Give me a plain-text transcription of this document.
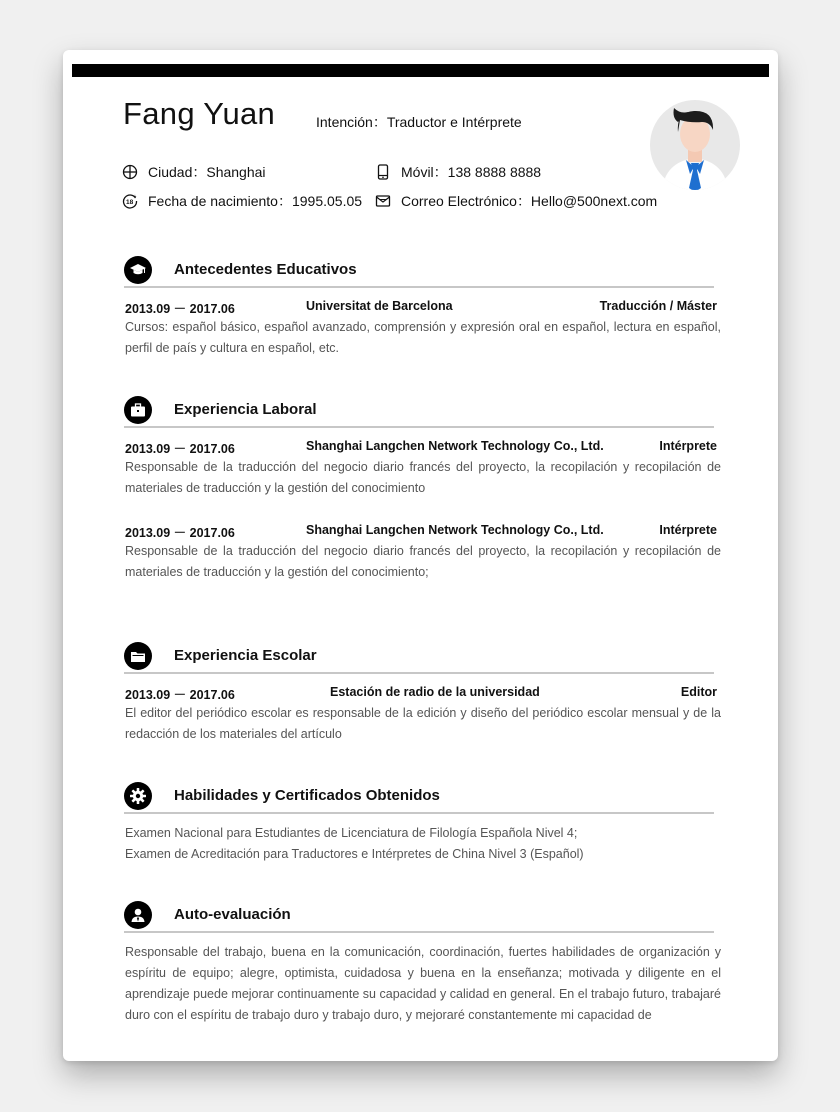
Fang Yuan	Intención：Traductor e Intérprete
Ciudad：Shanghai	Móvil：138 8888 8888
18
+ Fecha de nacimiento：1995.05.05	Correo Electrónico：Hello@500next.com
Antecedentes Educativos
2013.09 － 2017.06	Universitat de Barcelona	Traducción / Máster
Cursos: español básico, español avanzado, comprensión y expresión oral en español, lectura en español, perfil de país y cultura en español, etc.
Experiencia Laboral
2013.09 － 2017.06	Shanghai Langchen Network Technology Co., Ltd.	Intérprete
Responsable de la traducción del negocio diario francés del proyecto, la recopilación y recopilación de materiales de traducción y la gestión del conocimiento
2013.09 － 2017.06	Shanghai Langchen Network Technology Co., Ltd.	Intérprete
Responsable de la traducción del negocio diario francés del proyecto, la recopilación y recopilación de materiales de traducción y la gestión del conocimiento;
Experiencia Escolar
2013.09 － 2017.06	Estación de radio de la universidad	Editor
El editor del periódico escolar es responsable de la edición y diseño del periódico escolar mensual y de la redacción de los materiales del artículo
Habilidades y Certificados Obtenidos
Examen Nacional para Estudiantes de Licenciatura de Filología Española Nivel 4;
Examen de Acreditación para Traductores e Intérpretes de China Nivel 3 (Español)
Auto-evaluación
Responsable del trabajo, buena en la comunicación, coordinación, fuertes habilidades de organización y espíritu de equipo; alegre, optimista, cuidadosa y buena en la enseñanza; motivada y diligente en el aprendizaje puede mejorar continuamente su capacidad y calidad en general. En el trabajo futuro, trabajaré duro con el espíritu de trabajo duro y trabajo duro, y mejoraré constantemente mi capacidad de
